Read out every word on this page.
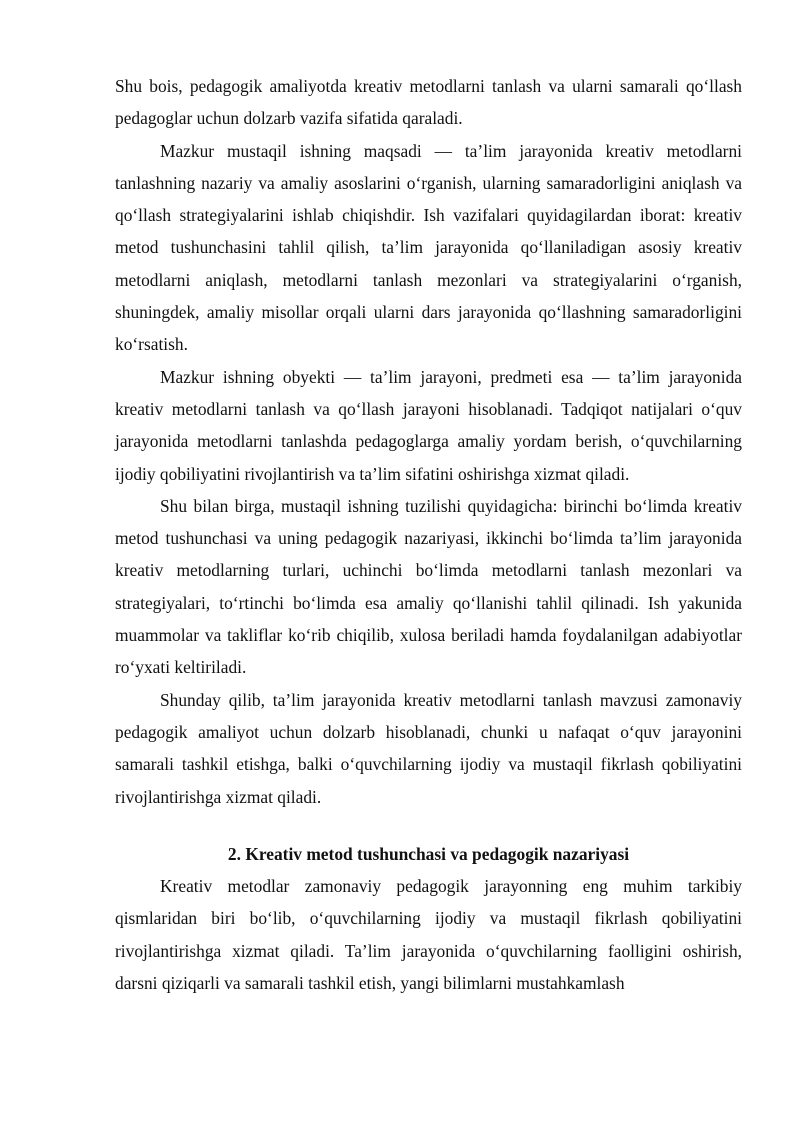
Shu bois, pedagogik amaliyotda kreativ metodlarni tanlash va ularni samarali qo‘llash pedagoglar uchun dolzarb vazifa sifatida qaraladi.

Mazkur mustaqil ishning maqsadi — ta’lim jarayonida kreativ metodlarni tanlashning nazariy va amaliy asoslarini o‘rganish, ularning samaradorligini aniqlash va qo‘llash strategiyalarini ishlab chiqishdir. Ish vazifalari quyidagilardan iborat: kreativ metod tushunchasini tahlil qilish, ta’lim jarayonida qo‘llaniladigan asosiy kreativ metodlarni aniqlash, metodlarni tanlash mezonlari va strategiyalarini o‘rganish, shuningdek, amaliy misollar orqali ularni dars jarayonida qo‘llashning samaradorligini ko‘rsatish.

Mazkur ishning obyekti — ta’lim jarayoni, predmeti esa — ta’lim jarayonida kreativ metodlarni tanlash va qo‘llash jarayoni hisoblanadi. Tadqiqot natijalari o‘quv jarayonida metodlarni tanlashda pedagoglarga amaliy yordam berish, o‘quvchilarning ijodiy qobiliyatini rivojlantirish va ta’lim sifatini oshirishga xizmat qiladi.

Shu bilan birga, mustaqil ishning tuzilishi quyidagicha: birinchi bo‘limda kreativ metod tushunchasi va uning pedagogik nazariyasi, ikkinchi bo‘limda ta’lim jarayonida kreativ metodlarning turlari, uchinchi bo‘limda metodlarni tanlash mezonlari va strategiyalari, to‘rtinchi bo‘limda esa amaliy qo‘llanishi tahlil qilinadi. Ish yakunida muammolar va takliflar ko‘rib chiqilib, xulosa beriladi hamda foydalanilgan adabiyotlar ro‘yxati keltiriladi.

Shunday qilib, ta’lim jarayonida kreativ metodlarni tanlash mavzusi zamonaviy pedagogik amaliyot uchun dolzarb hisoblanadi, chunki u nafaqat o‘quv jarayonini samarali tashkil etishga, balki o‘quvchilarning ijodiy va mustaqil fikrlash qobiliyatini rivojlantirishga xizmat qiladi.

2. Kreativ metod tushunchasi va pedagogik nazariyasi

Kreativ metodlar zamonaviy pedagogik jarayonning eng muhim tarkibiy qismlaridan biri bo‘lib, o‘quvchilarning ijodiy va mustaqil fikrlash qobiliyatini rivojlantirishga xizmat qiladi. Ta’lim jarayonida o‘quvchilarning faolligini oshirish, darsni qiziqarli va samarali tashkil etish, yangi bilimlarni mustahkamlash
